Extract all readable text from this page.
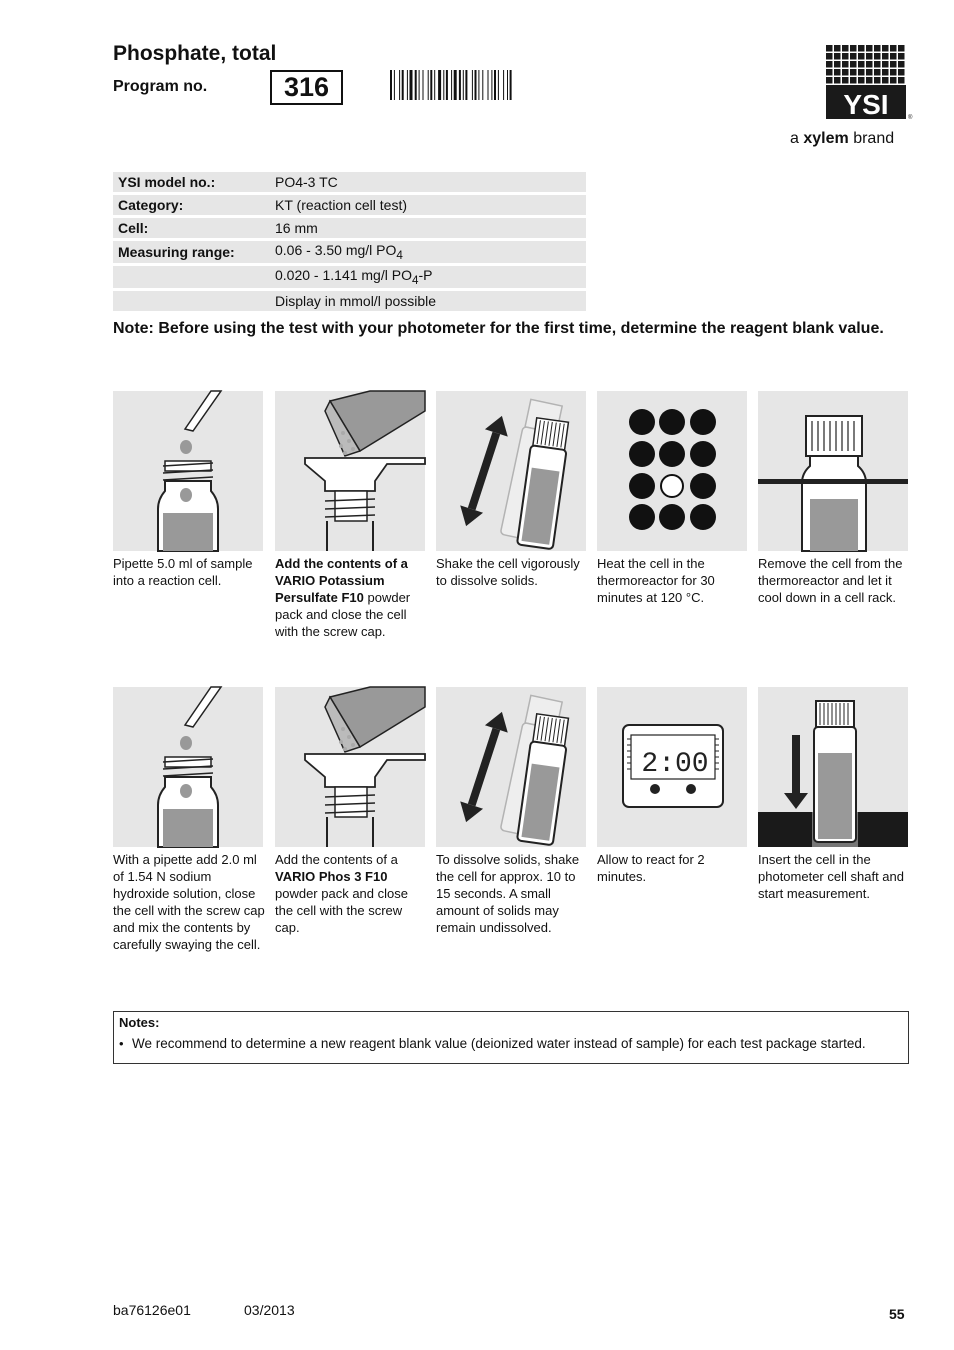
Phosphate, total
Program no.	316
YSI	®
a xylem brand
YSI model no.:	PO4-3 TC
Category:	KT (reaction cell test)
Cell:	16 mm
Measuring range:	0.06 - 3.50 mg/l $PO_4$
	0.020 - 1.141 mg/l $PO_4-P$
	Display in mmol/l possible
Note: Before using the test with your photometer for the first time, determine the reagent blank value.
Pipette 5.0 ml of sample into a reaction cell.
Add the contents of a VARIO Potassium Persulfate F10 powder pack and close the cell with the screw cap.
Shake the cell vigorously to dissolve solids.
Heat the cell in the thermoreactor for 30 minutes at 120 °C.
Remove the cell from the thermoreactor and let it cool down in a cell rack.
2:00
With a pipette add 2.0 ml of 1.54 N sodium hydroxide solution, close the cell with the screw cap and mix the contents by carefully swaying the cell.
Add the contents of a VARIO Phos 3 F10 powder pack and close the cell with the screw cap.
To dissolve solids, shake the cell for approx. 10 to 15 seconds. A small amount of solids may remain undissolved.
Allow to react for 2 minutes.
Insert the cell in the photometer cell shaft and start measurement.
Notes:
• We recommend to determine a new reagent blank value (deionized water instead of sample) for each test package started.
ba76126e01	03/2013	55
